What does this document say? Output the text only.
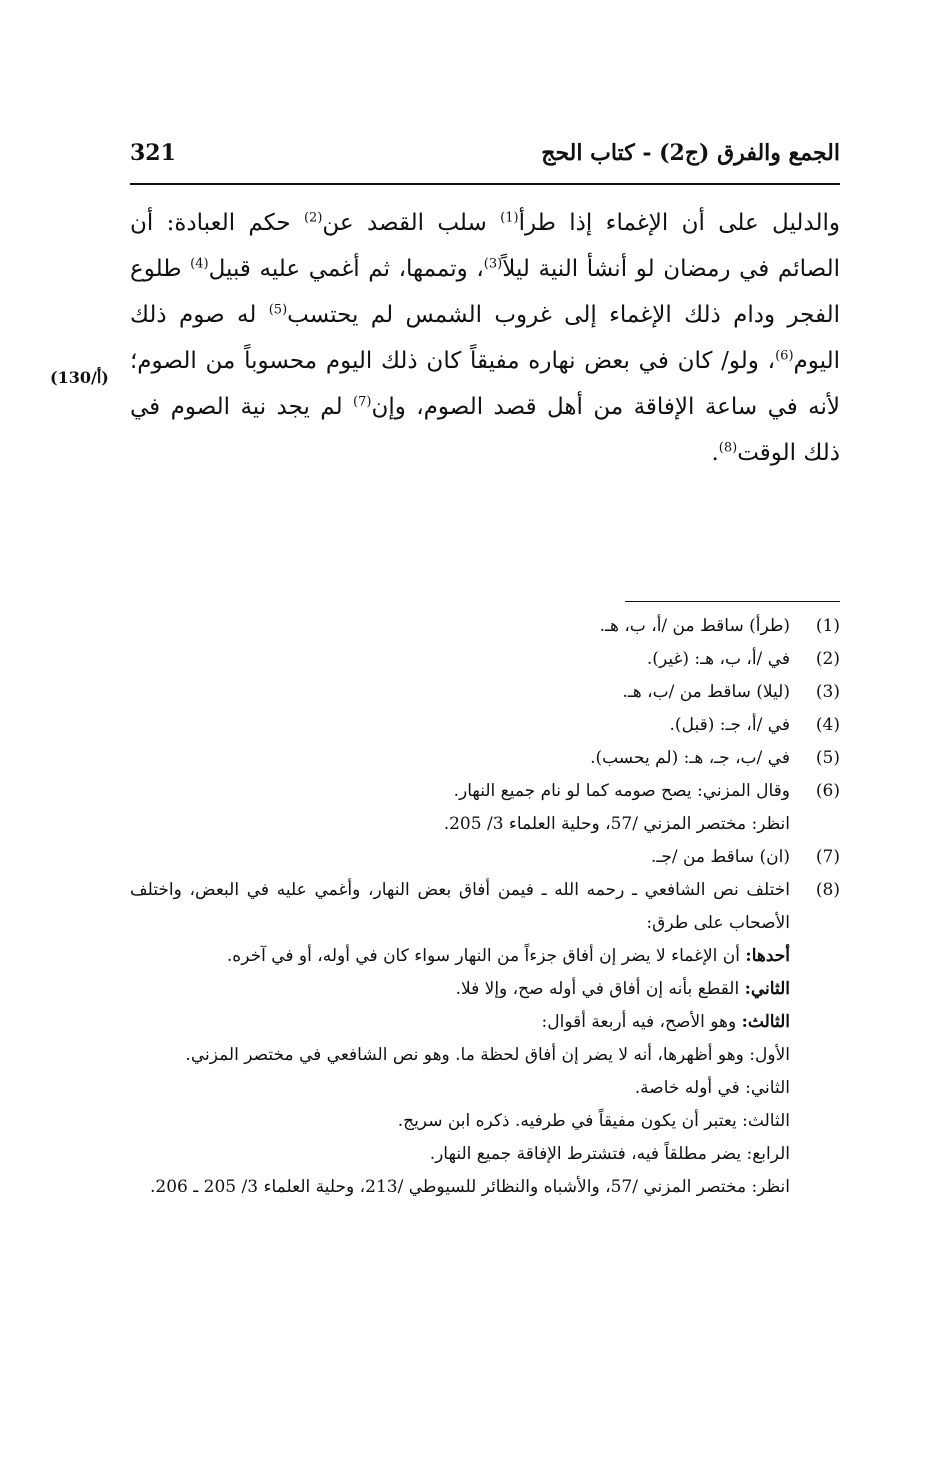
الجمع والفرق (ج2) - كتاب الحج
321

والدليل على أن الإغماء إذا طرأ$^{(1)}$ سلب القصد عن$^{(2)}$ حكم العبادة: أن الصائم في رمضان لو أنشأ النية ليلاً$^{(3)}$، وتممها، ثم أغمي عليه قبيل$^{(4)}$ طلوع الفجر ودام ذلك الإغماء إلى غروب الشمس لم يحتسب$^{(5)}$ له صوم ذلك اليوم$^{(6)}$، ولو/ كان في بعض نهاره مفيقاً كان ذلك اليوم محسوباً من الصوم؛ لأنه في ساعة الإفاقة من أهل قصد الصوم، وإن$^{(7)}$ لم يجد نية الصوم في ذلك الوقت$^{(8)}$.

(130/أ)
(1)

(طرأ) ساقط من /أ، ب، هـ.

(2)

في /أ، ب، هـ: (غير).

(3)

(ليلا) ساقط من /ب، هـ.

(4)

في /أ، جـ: (قبل).

(5)

في /ب، جـ، هـ: (لم يحسب).

(6)

وقال المزني: يصح صومه كما لو نام جميع النهار.

انظر: مختصر المزني /57، وحلية العلماء 3/ 205.

(7)

(ان) ساقط من /جـ.

(8)

اختلف نص الشافعي ـ رحمه الله ـ فيمن أفاق بعض النهار، وأغمي عليه في البعض، واختلف الأصحاب على طرق:

أحدها: أن الإغماء لا يضر إن أفاق جزءاً من النهار سواء كان في أوله، أو في آخره.

الثاني: القطع بأنه إن أفاق في أوله صح، وإلا فلا.

الثالث: وهو الأصح، فيه أربعة أقوال:

الأول: وهو أظهرها، أنه لا يضر إن أفاق لحظة ما. وهو نص الشافعي في مختصر المزني.

الثاني: في أوله خاصة.

الثالث: يعتبر أن يكون مفيقاً في طرفيه. ذكره ابن سريج.

الرابع: يضر مطلقاً فيه، فتشترط الإفاقة جميع النهار.

انظر: مختصر المزني /57، والأشباه والنظائر للسيوطي /213، وحلية العلماء 3/ 205 ـ 206.
